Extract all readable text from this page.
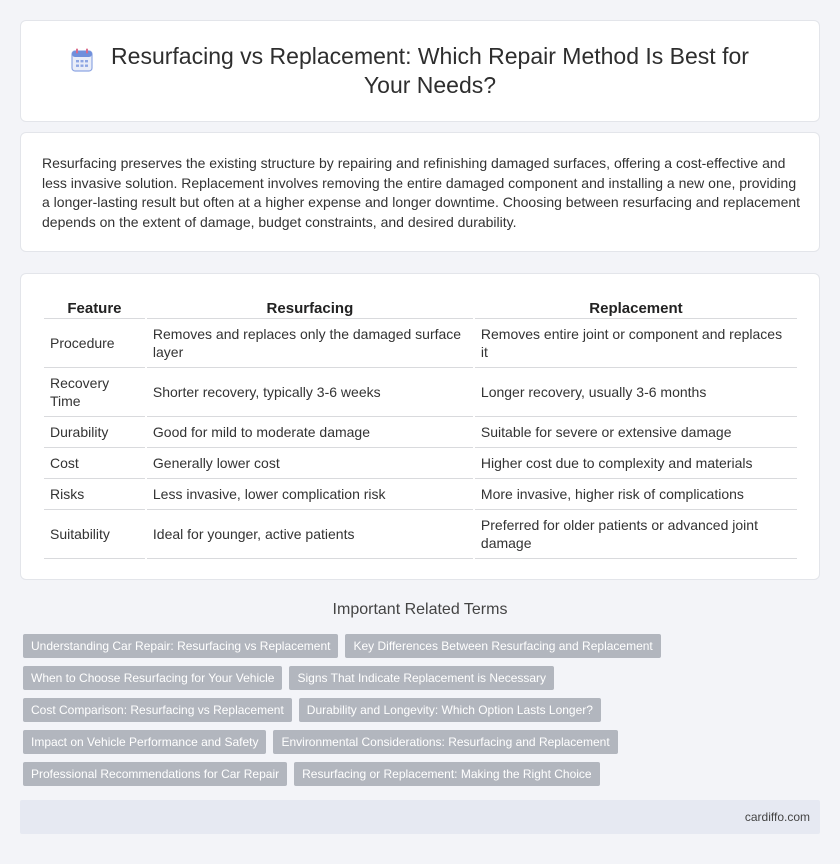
Resurfacing vs Replacement: Which Repair Method Is Best for Your Needs?

Resurfacing preserves the existing structure by repairing and refinishing damaged surfaces, offering a cost-effective and less invasive solution. Replacement involves removing the entire damaged component and installing a new one, providing a longer-lasting result but often at a higher expense and longer downtime. Choosing between resurfacing and replacement depends on the extent of damage, budget constraints, and desired durability.

Feature	Resurfacing	Replacement
Procedure	Removes and replaces only the damaged surface layer	Removes entire joint or component and replaces it
Recovery Time	Shorter recovery, typically 3-6 weeks	Longer recovery, usually 3-6 months
Durability	Good for mild to moderate damage	Suitable for severe or extensive damage
Cost	Generally lower cost	Higher cost due to complexity and materials
Risks	Less invasive, lower complication risk	More invasive, higher risk of complications
Suitability	Ideal for younger, active patients	Preferred for older patients or advanced joint damage
Important Related Terms
Understanding Car Repair: Resurfacing vs Replacement	Key Differences Between Resurfacing and Replacement
When to Choose Resurfacing for Your Vehicle	Signs That Indicate Replacement is Necessary
Cost Comparison: Resurfacing vs Replacement	Durability and Longevity: Which Option Lasts Longer?
Impact on Vehicle Performance and Safety	Environmental Considerations: Resurfacing and Replacement
Professional Recommendations for Car Repair	Resurfacing or Replacement: Making the Right Choice
cardiffo.com
